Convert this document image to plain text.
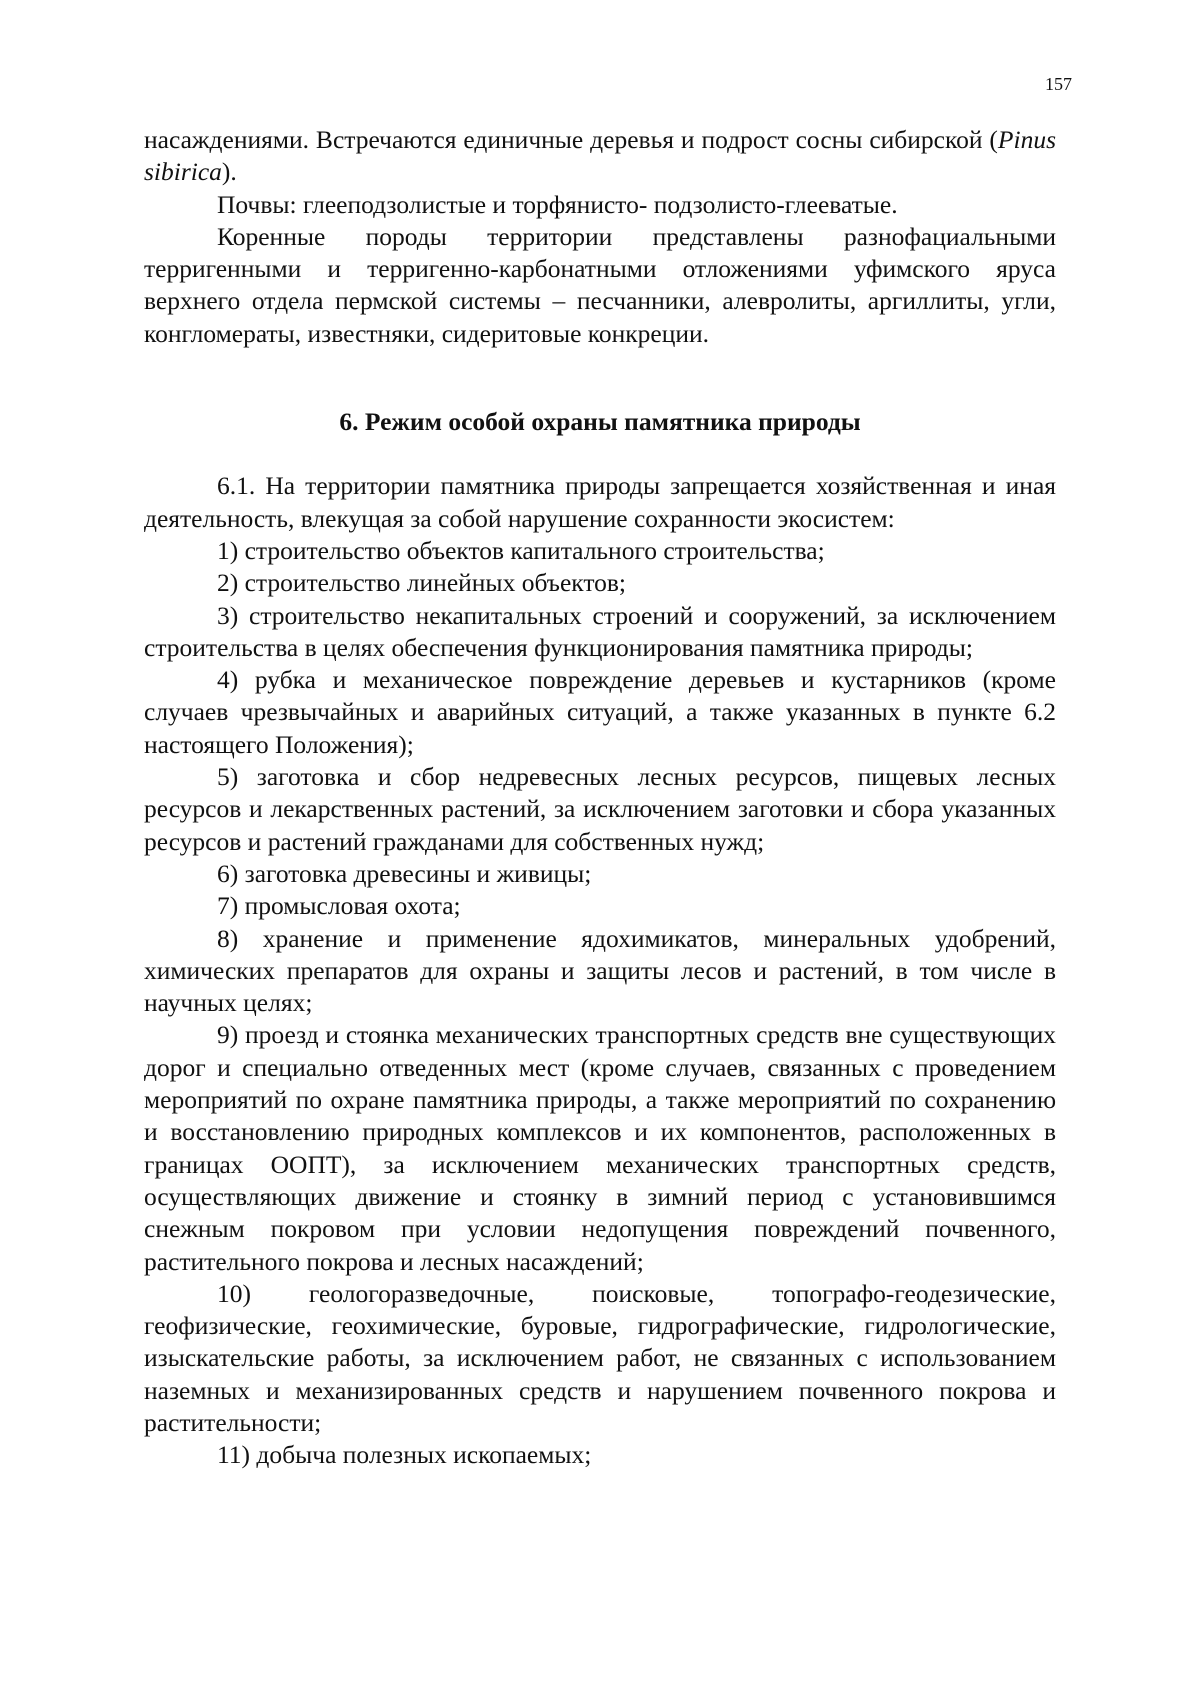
157

насаждениями. Встречаются единичные деревья и подрост сосны сибирской (Pinus sibirica).

Почвы: глееподзолистые и торфянисто- подзолисто-глееватые.

Коренные породы территории представлены разнофациальными терригенными и терригенно-карбонатными отложениями уфимского яруса верхнего отдела пермской системы – песчанники, алевролиты, аргиллиты, угли, конгломераты, известняки, сидеритовые конкреции.

6. Режим особой охраны памятника природы

6.1. На территории памятника природы запрещается хозяйственная и иная деятельность, влекущая за собой нарушение сохранности экосистем:

1) строительство объектов капитального строительства;

2) строительство линейных объектов;

3) строительство некапитальных строений и сооружений, за исключением строительства в целях обеспечения функционирования памятника природы;

4) рубка и механическое повреждение деревьев и кустарников (кроме случаев чрезвычайных и аварийных ситуаций, а также указанных в пункте 6.2 настоящего Положения);

5) заготовка и сбор недревесных лесных ресурсов, пищевых лесных ресурсов и лекарственных растений, за исключением заготовки и сбора указанных ресурсов и растений гражданами для собственных нужд;

6) заготовка древесины и живицы;

7) промысловая охота;

8) хранение и применение ядохимикатов, минеральных удобрений, химических препаратов для охраны и защиты лесов и растений, в том числе в научных целях;

9) проезд и стоянка механических транспортных средств вне существующих дорог и специально отведенных мест (кроме случаев, связанных с проведением мероприятий по охране памятника природы, а также мероприятий по сохранению и восстановлению природных комплексов и их компонентов, расположенных в границах ООПТ), за исключением механических транспортных средств, осуществляющих движение и стоянку в зимний период с установившимся снежным покровом при условии недопущения повреждений почвенного, растительного покрова и лесных насаждений;

10) геологоразведочные, поисковые, топографо-геодезические, геофизические, геохимические, буровые, гидрографические, гидрологические, изыскательские работы, за исключением работ, не связанных с использованием наземных и механизированных средств и нарушением почвенного покрова и растительности;

11) добыча полезных ископаемых;
